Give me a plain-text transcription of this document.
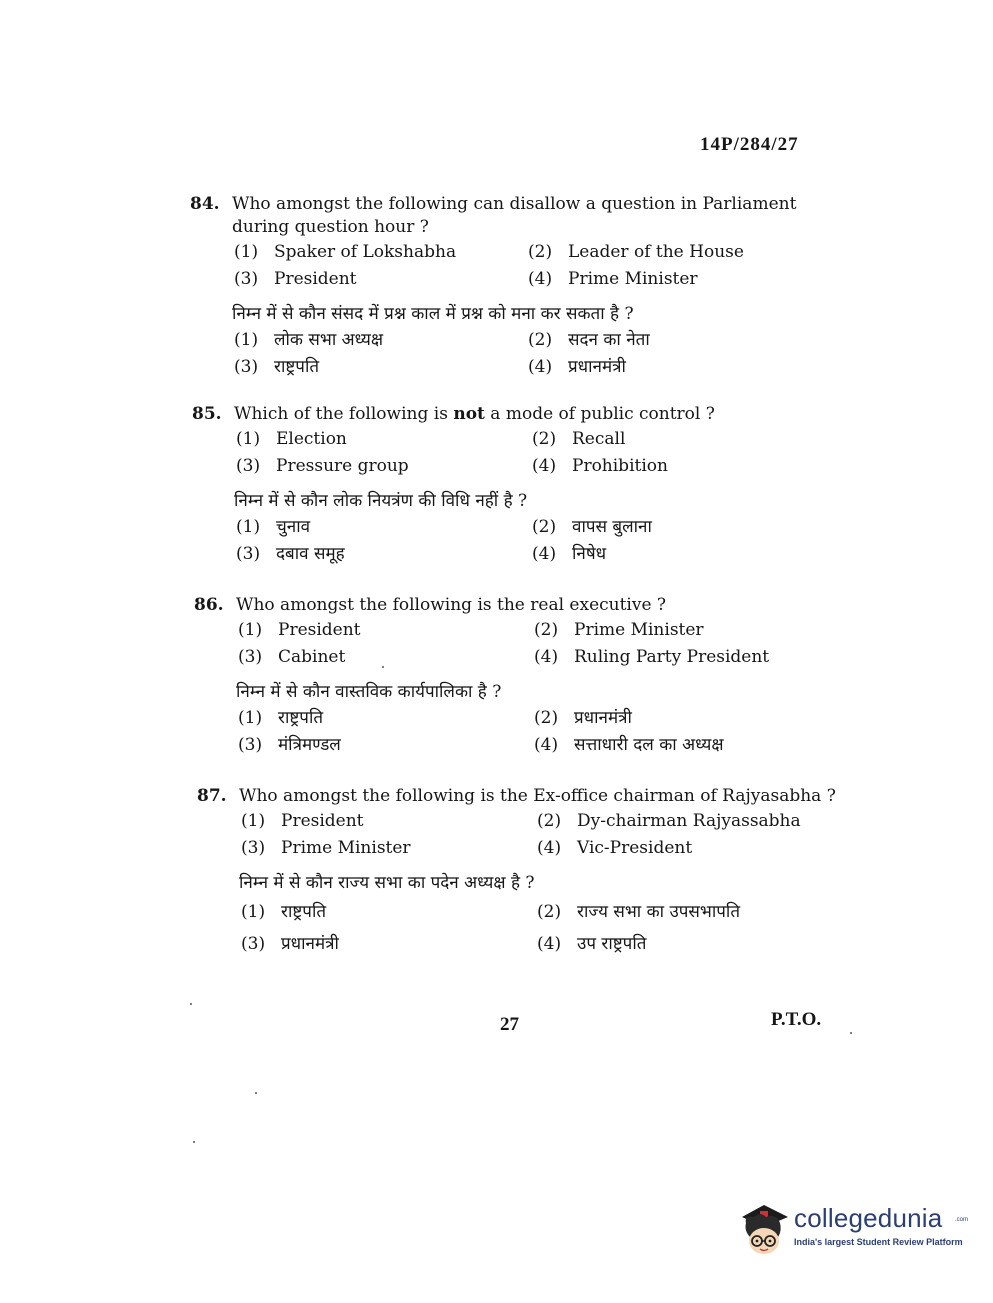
14P/284/27
84. Who amongst the following can disallow a question in Parliament during question hour ?
(1) Spaker of Lokshabha	(2) Leader of the House
(3) President	(4) Prime Minister
निम्न में से कौन संसद में प्रश्न काल में प्रश्न को मना कर सकता है ?
(1) लोक सभा अध्यक्ष	(2) सदन का नेता
(3) राष्ट्रपति	(4) प्रधानमंत्री
85. Which of the following is not a mode of public control ?
(1) Election	(2) Recall
(3) Pressure group	(4) Prohibition
निम्न में से कौन लोक नियत्रंण की विधि नहीं है ?
(1) चुनाव	(2) वापस बुलाना
(3) दबाव समूह	(4) निषेध
86. Who amongst the following is the real executive ?
(1) President	(2) Prime Minister
(3) Cabinet	(4) Ruling Party President
निम्न में से कौन वास्तविक कार्यपालिका है ?
(1) राष्ट्रपति	(2) प्रधानमंत्री
(3) मंत्रिमण्डल	(4) सत्ताधारी दल का अध्यक्ष
87. Who amongst the following is the Ex-office chairman of Rajyasabha ?
(1) President	(2) Dy-chairman Rajyassabha
(3) Prime Minister	(4) Vic-President
निम्न में से कौन राज्य सभा का पदेन अध्यक्ष है ?
(1) राष्ट्रपति	(2) राज्य सभा का उपसभापति
(3) प्रधानमंत्री	(4) उप राष्ट्रपति
27	P.T.O.
collegedunia .com
India's largest Student Review Platform
